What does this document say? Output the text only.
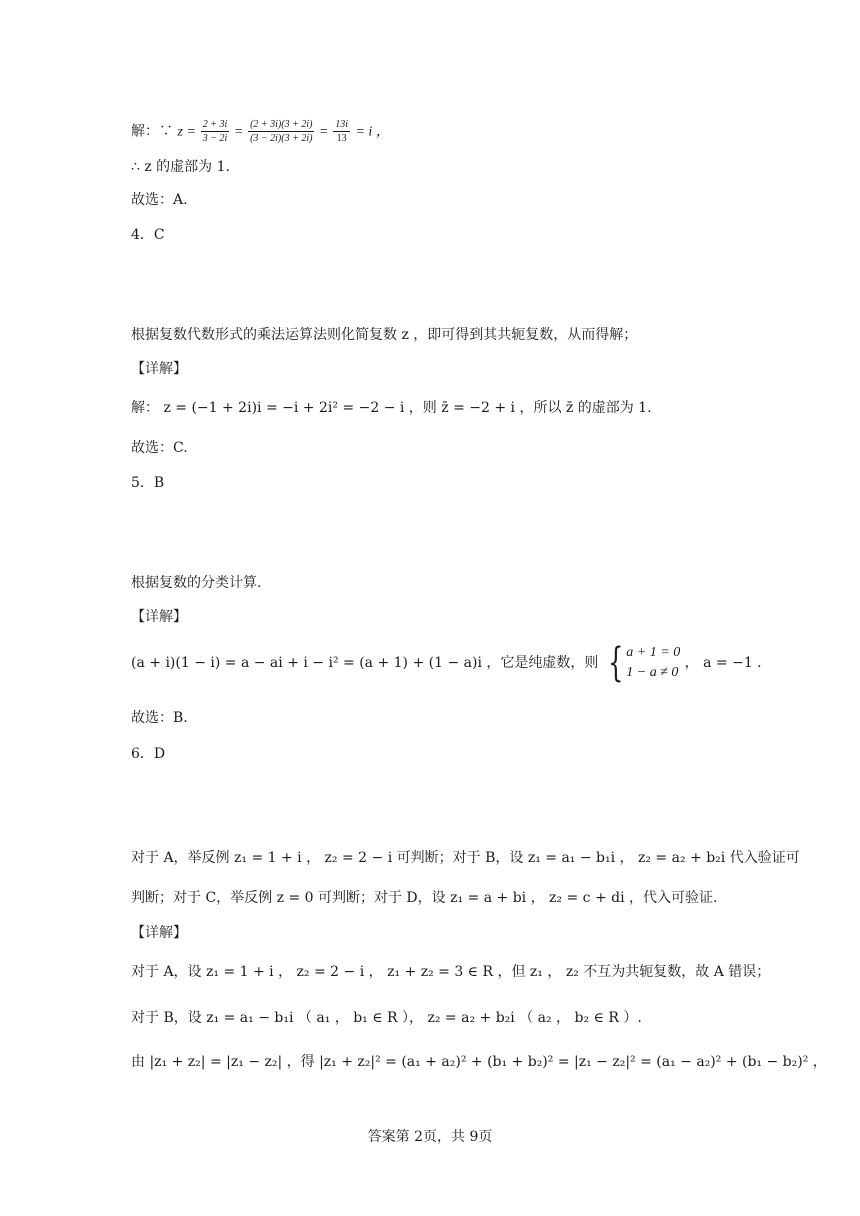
解：∵ $z = \frac{2 + 3i}{3 - 2i} = \frac{(2 + 3i)(3 + 2i)}{(3 - 2i)(3 + 2i)} = \frac{13i}{13} = i$ ，
∴ z 的虚部为 1.
故选：A.
4．C
根据复数代数形式的乘法运算法则化简复数 z ，即可得到其共轭复数，从而得解；
【详解】
解： z = (−1 + 2i)i = −i + 2i² = −2 − i ，则 z̄ = −2 + i ，所以 z̄ 的虚部为 1.
故选：C.
5．B
根据复数的分类计算.
【详解】
(a + i)(1 − i) = a − ai + i − i² = (a + 1) + (1 − a)i ，它是纯虚数，则 { a + 1 = 0
1 − a ≠ 0
， a = −1 .
故选：B.
6．D
对于 A，举反例 z₁ = 1 + i ， z₂ = 2 − i 可判断；对于 B，设 z₁ = a₁ − b₁i ， z₂ = a₂ + b₂i 代入验证可
判断；对于 C，举反例 z = 0 可判断；对于 D，设 z₁ = a + bi ， z₂ = c + di ，代入可验证.
【详解】
对于 A，设 z₁ = 1 + i ， z₂ = 2 − i ， z₁ + z₂ = 3 ∈ R ，但 z₁ ， z₂ 不互为共轭复数，故 A 错误；
对于 B，设 z₁ = a₁ − b₁i （ a₁ ， b₁ ∈ R ）， z₂ = a₂ + b₂i （ a₂ ， b₂ ∈ R ）.
由 |z₁ + z₂| = |z₁ − z₂| ，得 |z₁ + z₂|² = (a₁ + a₂)² + (b₁ + b₂)² = |z₁ − z₂|² = (a₁ − a₂)² + (b₁ − b₂)² ，
答案第 2页，共 9页
